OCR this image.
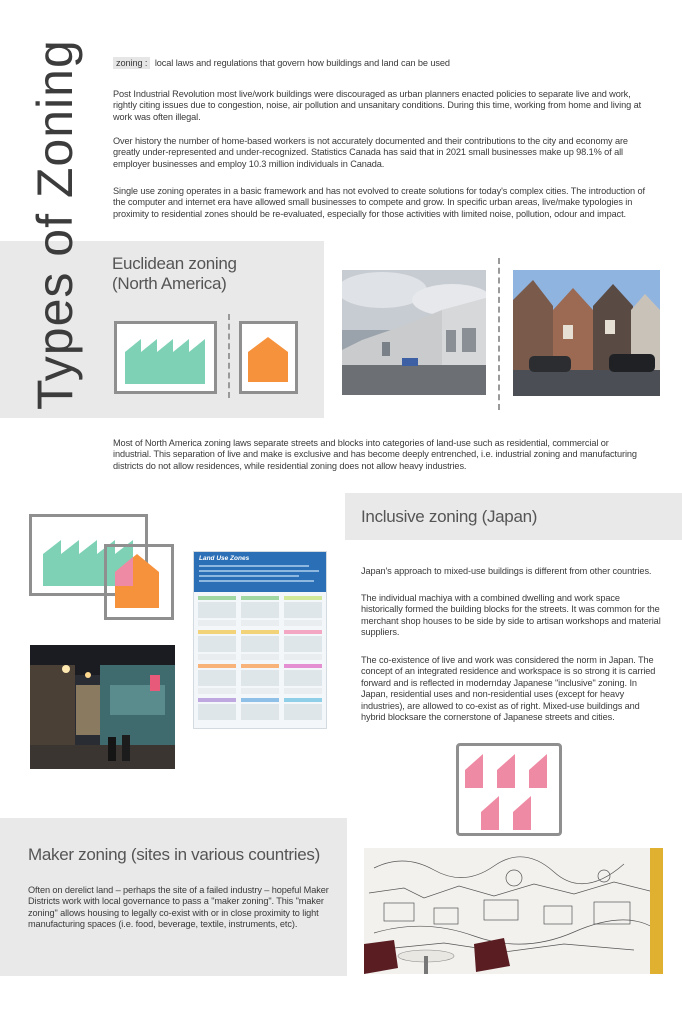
Types of Zoning	zoning : local laws and regulations that govern how buildings and land can be used

Post Industrial Revolution most live/work buildings were discouraged as urban planners enacted policies to separate live and work, rightly citing issues due to congestion, noise, air pollution and unsanitary conditions. During this time, working from home and living at work was often illegal.

Over history the number of home-based workers is not accurately documented and their contributions to the city and economy are greatly under-represented and under-recognized. Statistics Canada has said that in 2021 small businesses make up 98.1% of all employer businesses and employ 10.3 million individuals in Canada.

Single use zoning operates in a basic framework and has not evolved to create solutions for today's complex cities. The introduction of the computer and internet era have allowed small businesses to compete and grow. In specific urban areas, live/make typologies in proximity to residential zones should be re-evaluated, especially for those activities with limited noise, pollution, odour and impact.

Euclidean zoning
(North America)

Most of North America zoning laws separate streets and blocks into categories of land-use such as residential, commercial or industrial. This separation of live and make is exclusive and has become deeply entrenched, i.e. industrial zoning and manufacturing districts do not allow residences, while residential zoning does not allow heavy industries.

Inclusive zoning (Japan)
Land Use Zones

Japan's approach to mixed-use buildings is different from other countries.

The individual machiya with a combined dwelling and work space historically formed the building blocks for the streets. It was common for the merchant shop houses to be side by side to artisan workshops and material suppliers.

The co-existence of live and work was considered the norm in Japan. The concept of an integrated residence and workspace is so strong it is carried forward and is reflected in modernday Japanese "inclusive" zoning. In Japan, residential uses and non-residential uses (except for heavy industries), are allowed to co-exist as of right. Mixed-use buildings and hybrid blocksare the cornerstone of Japanese streets and cities.

Maker zoning (sites in various countries)

Often on derelict land – perhaps the site of a failed industry – hopeful Maker Districts work with local governance to pass a "maker zoning". This "maker zoning" allows housing to legally co-exist with or in close proximity to light manufacturing spaces (i.e. food, beverage, textile, instruments, etc).
